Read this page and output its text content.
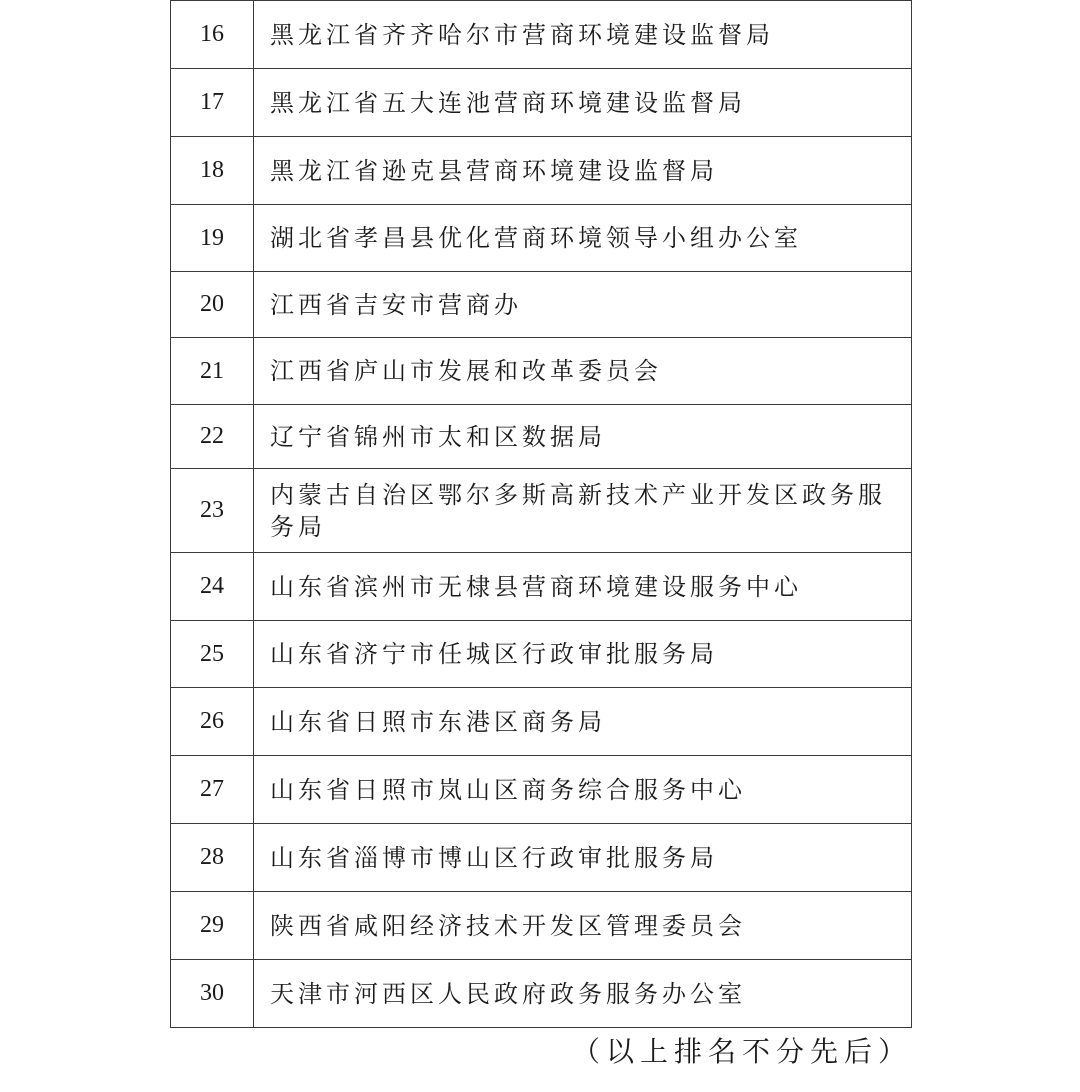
16	黑龙江省齐齐哈尔市营商环境建设监督局
17	黑龙江省五大连池营商环境建设监督局
18	黑龙江省逊克县营商环境建设监督局
19	湖北省孝昌县优化营商环境领导小组办公室
20	江西省吉安市营商办
21	江西省庐山市发展和改革委员会
22	辽宁省锦州市太和区数据局
23	内蒙古自治区鄂尔多斯高新技术产业开发区政务服务局
24	山东省滨州市无棣县营商环境建设服务中心
25	山东省济宁市任城区行政审批服务局
26	山东省日照市东港区商务局
27	山东省日照市岚山区商务综合服务中心
28	山东省淄博市博山区行政审批服务局
29	陕西省咸阳经济技术开发区管理委员会
30	天津市河西区人民政府政务服务办公室
（以上排名不分先后）
